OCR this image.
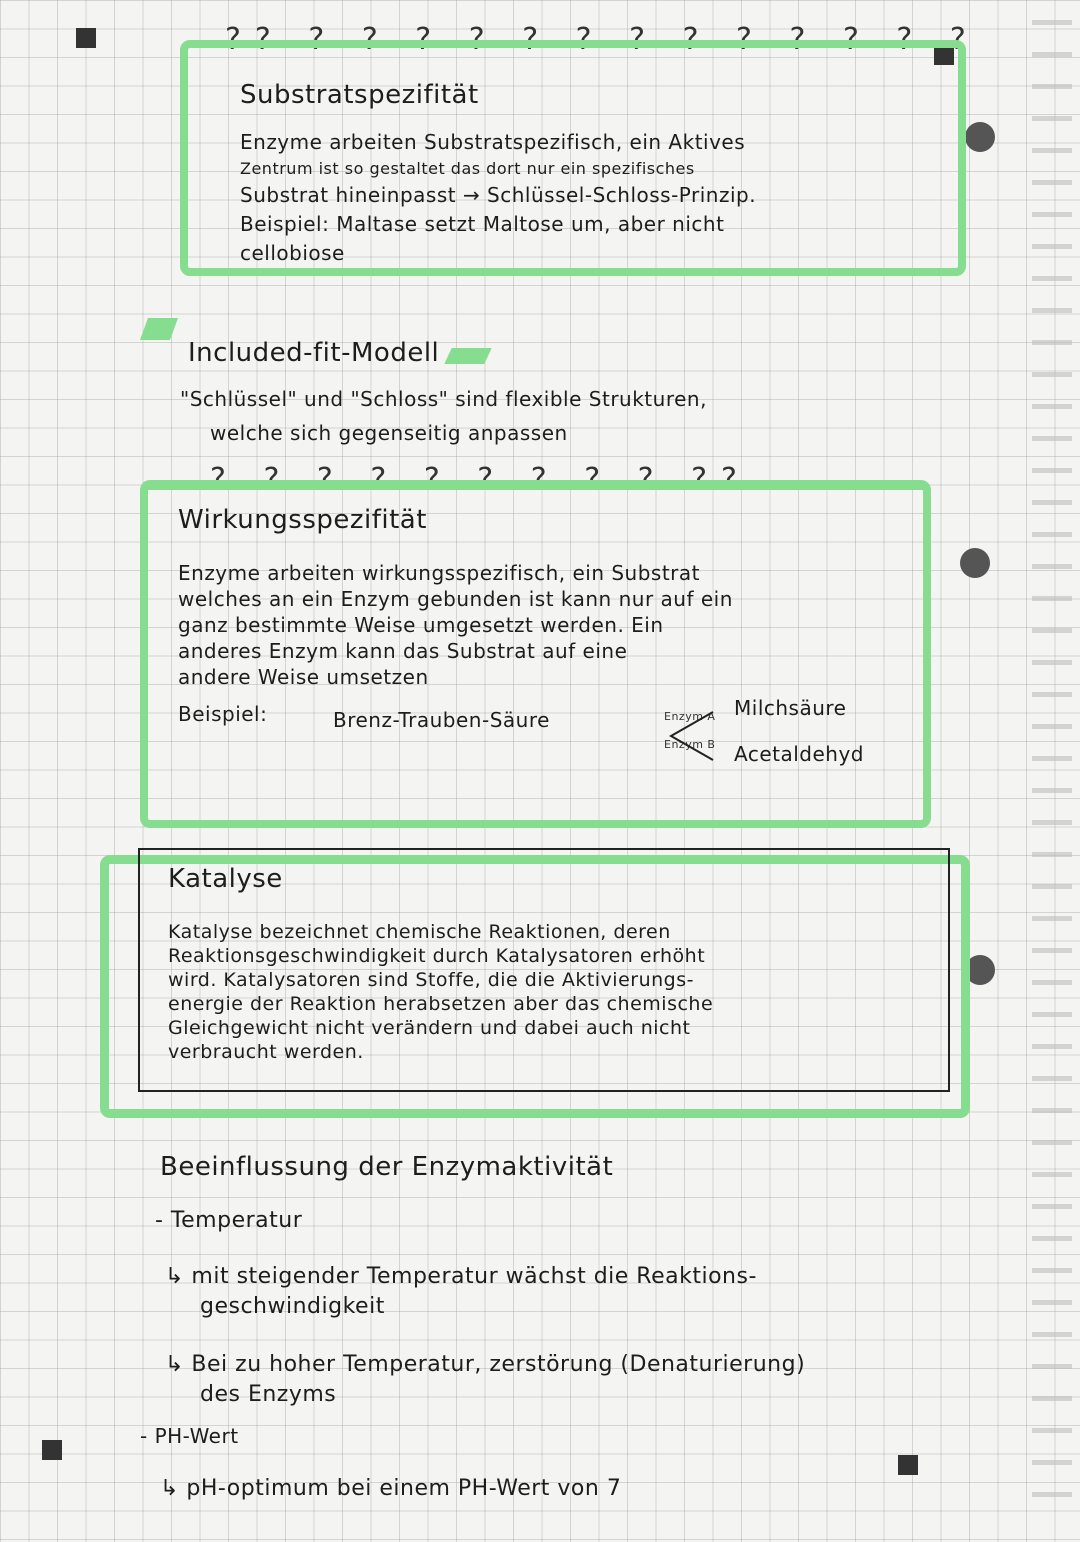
?? ? ? ? ? ? ? ? ? ? ? ? ? ?
Substratspezifität
Enzyme arbeiten Substratspezifisch, ein Aktives
Zentrum ist so gestaltet das dort nur ein spezifisches
Substrat hineinpasst → Schlüssel-Schloss-Prinzip.
Beispiel: Maltase setzt Maltose um, aber nicht
cellobiose
Included-fit-Modell
"Schlüssel" und "Schloss" sind flexible Strukturen,
welche sich gegenseitig anpassen
? ? ? ? ? ? ? ? ? ??
Wirkungsspezifität
Enzyme arbeiten wirkungsspezifisch, ein Substrat
welches an ein Enzym gebunden ist kann nur auf ein
ganz bestimmte Weise umgesetzt werden. Ein
anderes Enzym kann das Substrat auf eine
andere Weise umsetzen
Beispiel:	Brenz-Trauben-Säure	Enzym A
Enzym B
Milchsäure
Acetaldehyd
Katalyse
Katalyse bezeichnet chemische Reaktionen, deren
Reaktionsgeschwindigkeit durch Katalysatoren erhöht
wird. Katalysatoren sind Stoffe, die die Aktivierungs-
energie der Reaktion herabsetzen aber das chemische
Gleichgewicht nicht verändern und dabei auch nicht
verbraucht werden.
Beeinflussung der Enzymaktivität
- Temperatur
↳ mit steigender Temperatur wächst die Reaktions-
geschwindigkeit
↳ Bei zu hoher Temperatur, zerstörung (Denaturierung)
des Enzyms
- PH-Wert
↳ pH-optimum bei einem PH-Wert von 7
